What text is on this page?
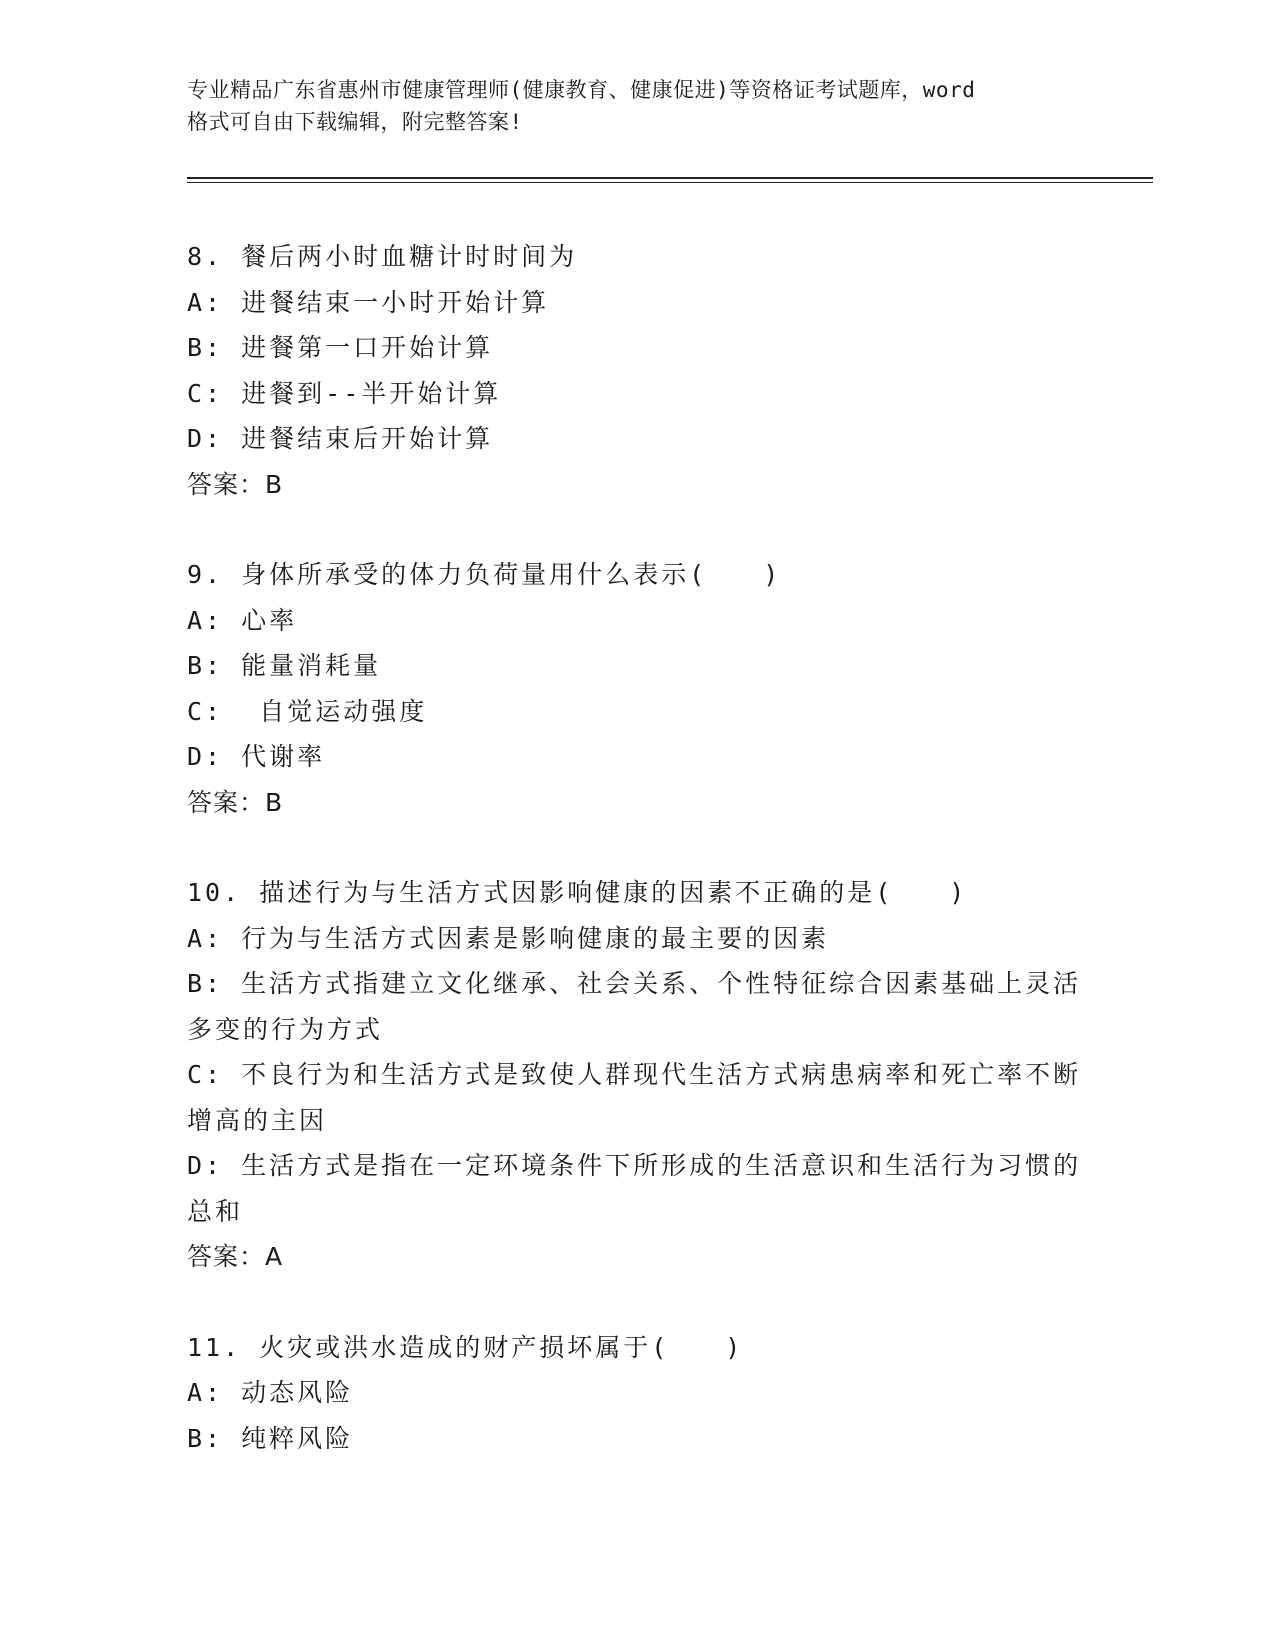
专业精品广东省惠州市健康管理师(健康教育、健康促进)等资格证考试题库，word
格式可自由下载编辑，附完整答案!
8. 餐后两小时血糖计时时间为
A: 进餐结束一小时开始计算
B: 进餐第一口开始计算
C: 进餐到--半开始计算
D: 进餐结束后开始计算
答案：B
9. 身体所承受的体力负荷量用什么表示(　　)
A: 心率
B: 能量消耗量
C:  自觉运动强度
D: 代谢率
答案：B
10. 描述行为与生活方式因影响健康的因素不正确的是(　　)
A: 行为与生活方式因素是影响健康的最主要的因素
B: 生活方式指建立文化继承、社会关系、个性特征综合因素基础上灵活多变的行为方式
C: 不良行为和生活方式是致使人群现代生活方式病患病率和死亡率不断增高的主因
D: 生活方式是指在一定环境条件下所形成的生活意识和生活行为习惯的总和
答案：A
11. 火灾或洪水造成的财产损坏属于(　　)
A: 动态风险
B: 纯粹风险
